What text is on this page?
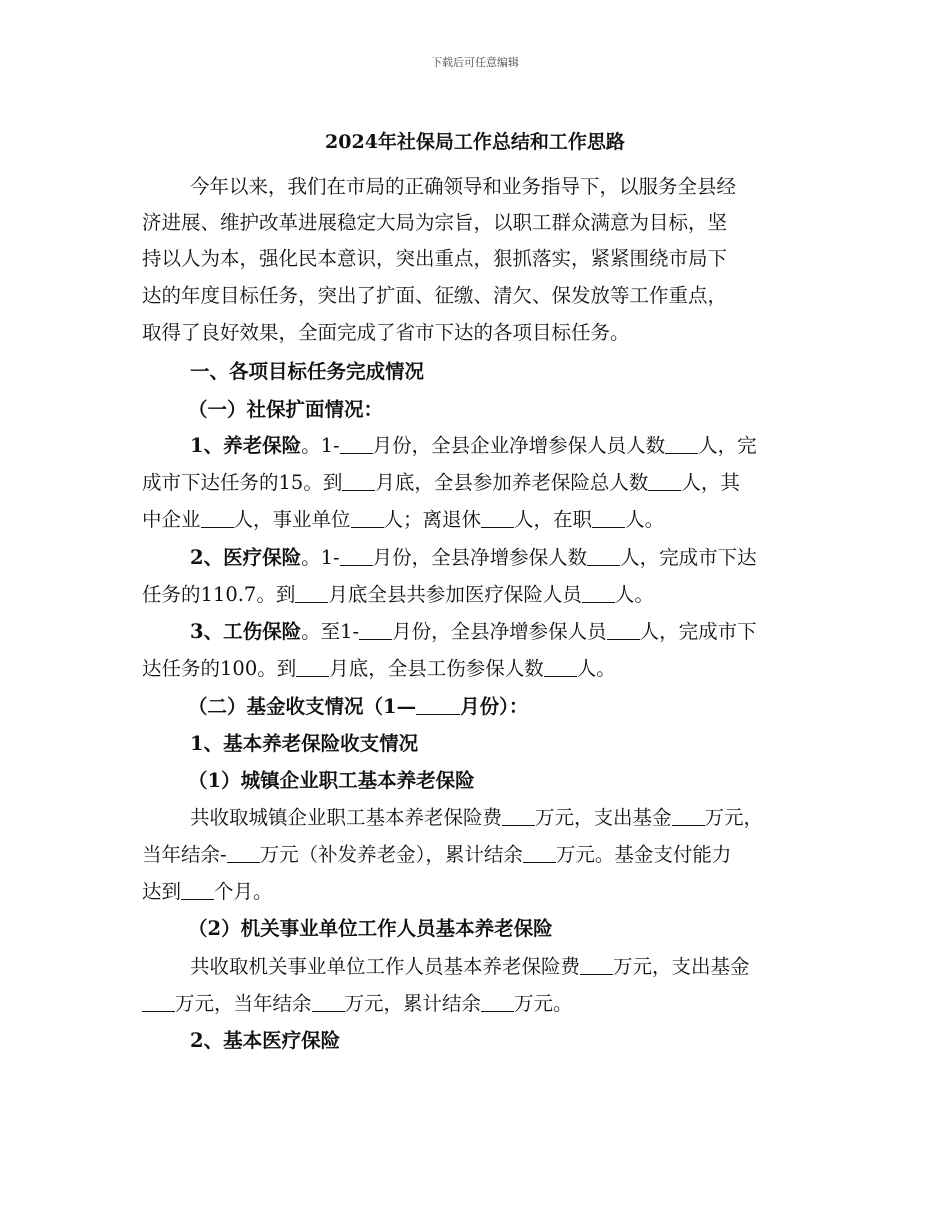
下载后可任意编辑
2024年社保局工作总结和工作思路
今年以来，我们在市局的正确领导和业务指导下，以服务全县经
济进展、维护改革进展稳定大局为宗旨，以职工群众满意为目标，坚
持以人为本，强化民本意识，突出重点，狠抓落实，紧紧围绕市局下
达的年度目标任务，突出了扩面、征缴、清欠、保发放等工作重点，
取得了良好效果，全面完成了省市下达的各项目标任务。
一、各项目标任务完成情况
（一）社保扩面情况：
1、养老保险。1- 月份，全县企业净增参保人员人数 人，完
成市下达任务的15。到 月底，全县参加养老保险总人数 人，其
中企业 人，事业单位 人；离退休 人，在职 人。
2、医疗保险。1- 月份，全县净增参保人数 人，完成市下达
任务的110.7。到 月底全县共参加医疗保险人员 人。
3、工伤保险。至1- 月份，全县净增参保人员 人，完成市下
达任务的100。到 月底，全县工伤参保人数 人。
（二）基金收支情况（1— 月份）：
1、基本养老保险收支情况
（1）城镇企业职工基本养老保险
共收取城镇企业职工基本养老保险费 万元，支出基金 万元，
当年结余- 万元（补发养老金），累计结余 万元。基金支付能力
达到 个月。
（2）机关事业单位工作人员基本养老保险
共收取机关事业单位工作人员基本养老保险费 万元，支出基金
万元，当年结余 万元，累计结余 万元。
2、基本医疗保险
